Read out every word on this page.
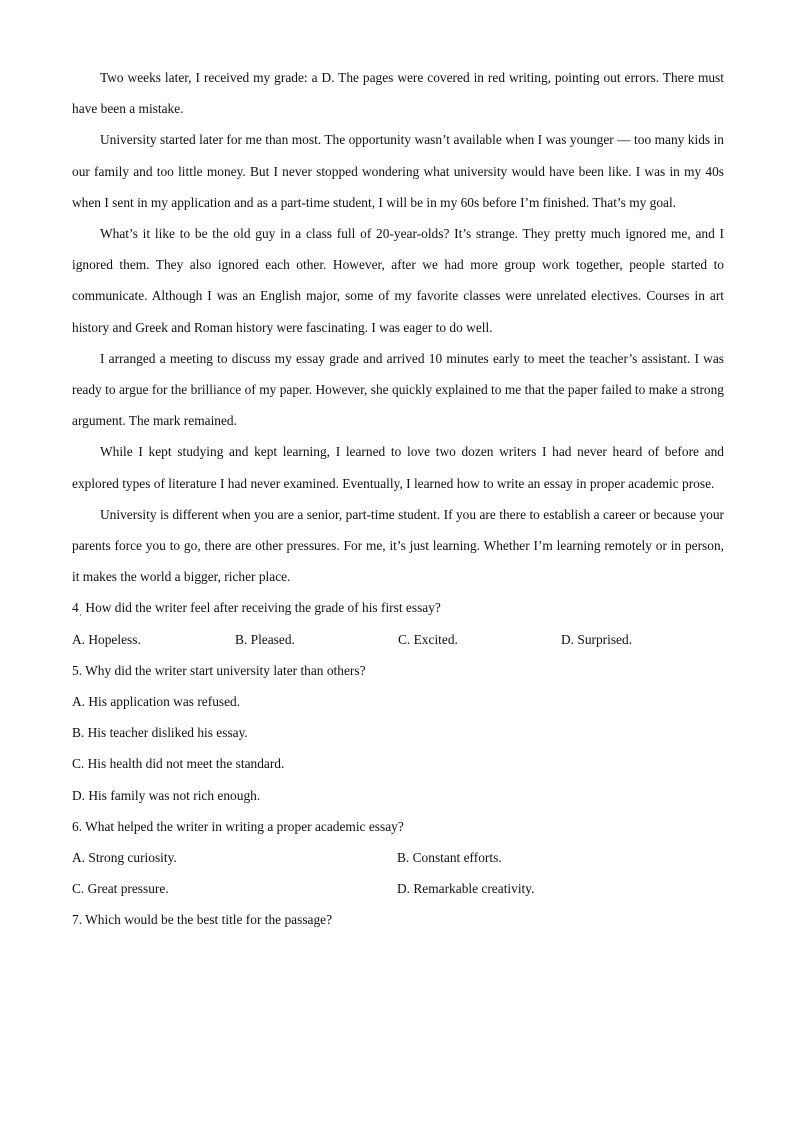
Two weeks later, I received my grade: a D. The pages were covered in red writing, pointing out errors. There must have been a mistake.

University started later for me than most. The opportunity wasn’t available when I was younger — too many kids in our family and too little money. But I never stopped wondering what university would have been like. I was in my 40s when I sent in my application and as a part-time student, I will be in my 60s before I’m finished. That’s my goal.

What’s it like to be the old guy in a class full of 20-year-olds? It’s strange. They pretty much ignored me, and I ignored them. They also ignored each other. However, after we had more group work together, people started to communicate. Although I was an English major, some of my favorite classes were unrelated electives. Courses in art history and Greek and Roman history were fascinating. I was eager to do well.

I arranged a meeting to discuss my essay grade and arrived 10 minutes early to meet the teacher’s assistant. I was ready to argue for the brilliance of my paper. However, she quickly explained to me that the paper failed to make a strong argument. The mark remained.

While I kept studying and kept learning, I learned to love two dozen writers I had never heard of before and explored types of literature I had never examined. Eventually, I learned how to write an essay in proper academic prose.

University is different when you are a senior, part-time student. If you are there to establish a career or because your parents force you to go, there are other pressures. For me, it’s just learning. Whether I’m learning remotely or in person, it makes the world a bigger, richer place.

4 How did the writer feel after receiving the grade of his first essay?
·

A. Hopeless.	B. Pleased.	C. Excited.	D. Surprised.

5. Why did the writer start university later than others?

A. His application was refused.

B. His teacher disliked his essay.

C. His health did not meet the standard.

D. His family was not rich enough.

6. What helped the writer in writing a proper academic essay?

A. Strong curiosity.	B. Constant efforts.
C. Great pressure.	D. Remarkable creativity.

7. Which would be the best title for the passage?
